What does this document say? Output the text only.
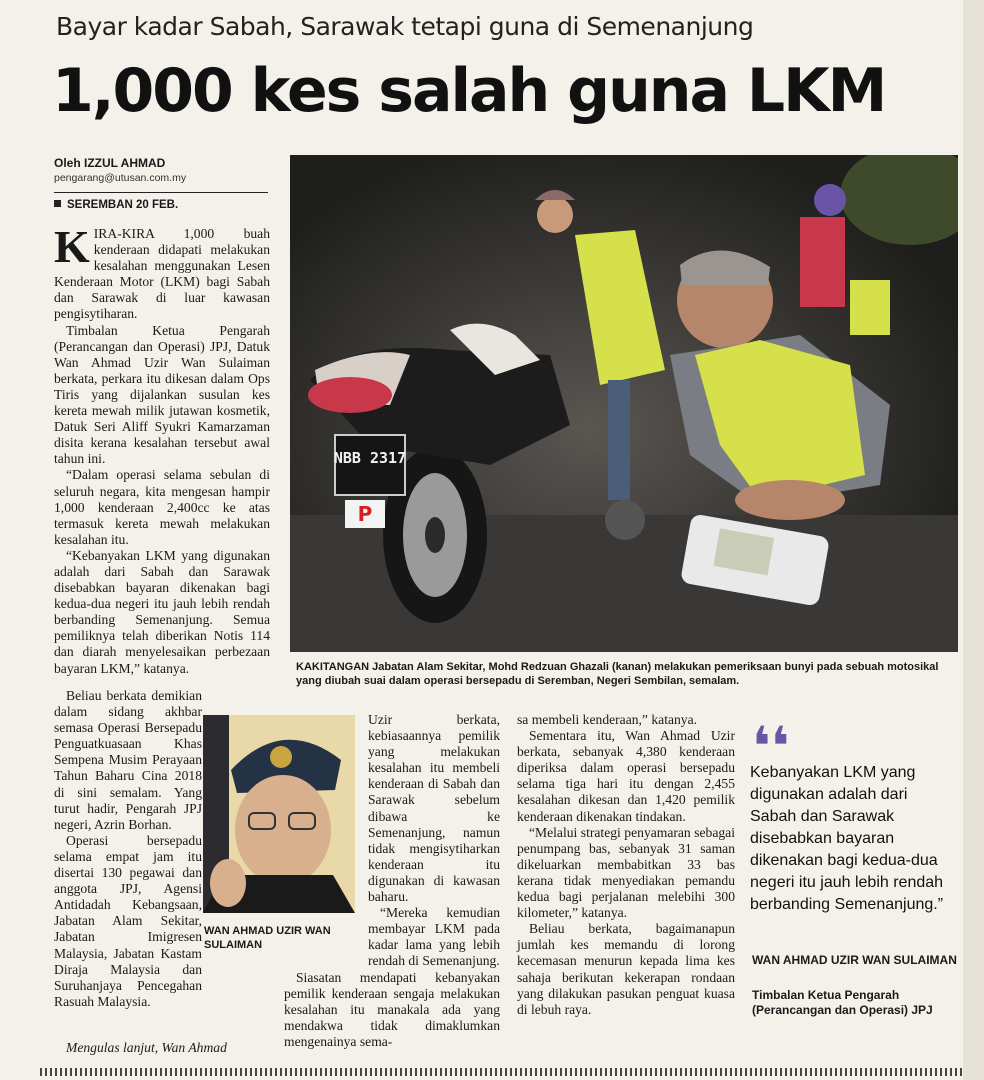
Bayar kadar Sabah, Sarawak tetapi guna di Semenanjung
1,000 kes salah guna LKM
Oleh IZZUL AHMAD
pengarang@utusan.com.my
SEREMBAN 20 FEB.

KIRA-KIRA 1,000 buah kenderaan didapati melakukan kesalahan menggunakan Lesen Kenderaan Motor (LKM) bagi Sabah dan Sarawak di luar kawasan pengisytiharan.

Timbalan Ketua Pengarah (Perancangan dan Operasi) JPJ, Datuk Wan Ahmad Uzir Wan Sulaiman berkata, perkara itu dikesan dalam Ops Tiris yang dijalankan susulan kes kereta mewah milik jutawan kosmetik, Datuk Seri Aliff Syukri Kamarzaman disita kerana kesalahan tersebut awal tahun ini.

“Dalam operasi selama sebulan di seluruh negara, kita mengesan hampir 1,000 kenderaan 2,400cc ke atas termasuk kereta mewah melakukan kesalahan itu.

“Kebanyakan LKM yang digunakan adalah dari Sabah dan Sarawak disebabkan bayaran dikenakan bagi kedua-dua negeri itu jauh lebih rendah berbanding Semenanjung. Semua pemiliknya telah diberikan Notis 114 dan diarah menyelesaikan perbezaan bayaran LKM,” katanya.

Beliau berkata demikian dalam sidang akhbar semasa Operasi Bersepadu Penguatkuasaan Khas Sempena Musim Perayaan Tahun Baharu Cina 2018 di sini semalam. Yang turut hadir, Pengarah JPJ negeri, Azrin Borhan.

Operasi bersepadu selama empat jam itu disertai 130 pegawai dan anggota JPJ, Agensi Antidadah Kebangsaan, Jabatan Alam Sekitar, Jabatan Imigresen Malaysia, Jabatan Kastam Diraja Malaysia dan Suruhanjaya Pencegahan Rasuah Malaysia.

Mengulas lanjut, Wan Ahmad

NBB 2317
P
KAKITANGAN Jabatan Alam Sekitar, Mohd Redzuan Ghazali (kanan) melakukan pemeriksaan bunyi pada sebuah motosikal yang diubah suai dalam operasi bersepadu di Seremban, Negeri Sembilan, semalam.
WAN AHMAD UZIR WAN SULAIMAN

Uzir berkata, kebiasaannya pemilik yang melakukan kesalahan itu membeli kenderaan di Sabah dan Sarawak sebelum dibawa ke Semenanjung, namun tidak mengisytiharkan kenderaan itu digunakan di kawasan baharu.

“Mereka kemudian membayar LKM pada kadar lama yang lebih rendah di Semenanjung.

Siasatan mendapati kebanyakan pemilik kenderaan sengaja melakukan kesalahan itu manakala ada yang mendakwa tidak dimaklumkan mengenainya sema-

sa membeli kenderaan,” katanya.

Sementara itu, Wan Ahmad Uzir berkata, sebanyak 4,380 kenderaan diperiksa dalam operasi bersepadu selama tiga hari itu dengan 2,455 kesalahan dikesan dan 1,420 pemilik kenderaan dikenakan tindakan.

“Melalui strategi penyamaran sebagai penumpang bas, sebanyak 31 saman dikeluarkan membabitkan 33 bas kerana tidak menyediakan pemandu kedua bagi perjalanan melebihi 300 kilometer,” katanya.

Beliau berkata, bagaimanapun jumlah kes memandu di lorong kecemasan menurun kepada lima kes sahaja berikutan kekerapan rondaan yang dilakukan pasukan penguat kuasa di lebuh raya.

❛❛
Kebanyakan LKM yang digunakan adalah dari Sabah dan Sarawak disebabkan bayaran dikenakan bagi kedua-dua negeri itu jauh lebih rendah berbanding Semenanjung.”
WAN AHMAD UZIR WAN SULAIMAN
Timbalan Ketua Pengarah (Perancangan dan Operasi) JPJ
